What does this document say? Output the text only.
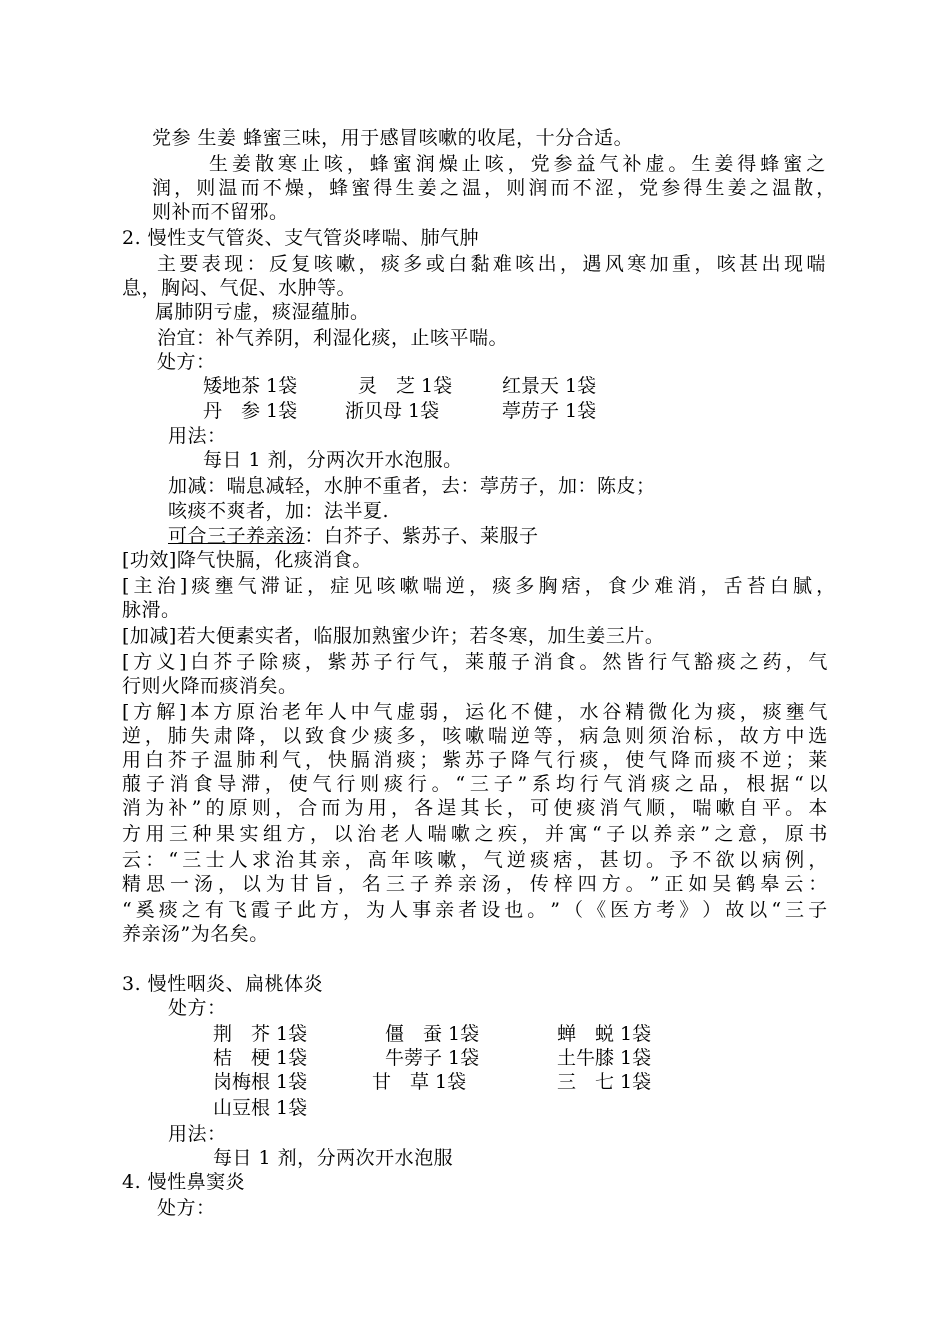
党参 生姜 蜂蜜三味，用于感冒咳嗽的收尾，十分合适。
生 姜 散 寒 止 咳 ， 蜂 蜜 润 燥 止 咳 ， 党 参 益 气 补 虚 。 生 姜 得 蜂 蜜 之
润 ， 则 温 而 不 燥 ， 蜂 蜜 得 生 姜 之 温 ， 则 润 而 不 涩 ， 党 参 得 生 姜 之 温 散 ，
则补而不留邪。
2. 慢性支气管炎、支气管炎哮喘、肺气肿
主 要 表 现 ： 反 复 咳 嗽 ， 痰 多 或 白 黏 难 咳 出 ， 遇 风 寒 加 重 ， 咳 甚 出 现 喘
息，胸闷、气促、水肿等。
属肺阴亏虚，痰湿蕴肺。
治宜：补气养阴，利湿化痰，止咳平喘。
处方：
矮地茶 1袋	灵　芝 1袋	红景天 1袋
丹　参 1袋	浙贝母 1袋	葶苈子 1袋
用法：
每日 1 剂，分两次开水泡服。
加减：喘息减轻，水肿不重者，去：葶苈子，加：陈皮；
咳痰不爽者，加：法半夏.
可合三子养亲汤：白芥子、紫苏子、莱服子
[功效]降气快膈，化痰消食。
[ 主 治 ] 痰 壅 气 滞 证 ， 症 见 咳 嗽 喘 逆 ， 痰 多 胸 痞 ， 食 少 难 消 ， 舌 苔 白 腻 ，
脉滑。
[加减]若大便素实者，临服加熟蜜少许；若冬寒，加生姜三片。
[ 方 义 ] 白 芥 子 除 痰 ， 紫 苏 子 行 气 ， 莱 菔 子 消 食 。 然 皆 行 气 豁 痰 之 药 ， 气
行则火降而痰消矣。
[ 方 解 ] 本 方 原 治 老 年 人 中 气 虚 弱 ， 运 化 不 健 ， 水 谷 精 微 化 为 痰 ， 痰 壅 气
逆 ， 肺 失 肃 降 ， 以 致 食 少 痰 多 ， 咳 嗽 喘 逆 等 ， 病 急 则 须 治 标 ， 故 方 中 选
用 白 芥 子 温 肺 利 气 ， 快 膈 消 痰 ； 紫 苏 子 降 气 行 痰 ， 使 气 降 而 痰 不 逆 ； 莱
菔 子 消 食 导 滞 ， 使 气 行 则 痰 行 。 “ 三 子 ” 系 均 行 气 消 痰 之 品 ， 根 据 “ 以
消 为 补 ” 的 原 则 ， 合 而 为 用 ， 各 逞 其 长 ， 可 使 痰 消 气 顺 ， 喘 嗽 自 平 。 本
方 用 三 种 果 实 组 方 ， 以 治 老 人 喘 嗽 之 疾 ， 并 寓 “ 子 以 养 亲 ” 之 意 ， 原 书
云 ： “ 三 士 人 求 治 其 亲 ， 高 年 咳 嗽 ， 气 逆 痰 痞 ， 甚 切 。 予 不 欲 以 病 例 ，
精 思 一 汤 ， 以 为 甘 旨 ， 名 三 子 养 亲 汤 ， 传 梓 四 方 。 ” 正 如 吴 鹤 皋 云 ：
“ 奚 痰 之 有 飞 霞 子 此 方 ， 为 人 事 亲 者 设 也 。 ” （ 《 医 方 考 》 ） 故 以 “ 三 子
养亲汤”为名矣。
3. 慢性咽炎、扁桃体炎
处方：
荆　芥 1袋	僵　蚕 1袋	蝉　蜕 1袋
桔　梗 1袋	牛蒡子 1袋	土牛膝 1袋
岗梅根 1袋	甘　草 1袋	三　七 1袋
山豆根 1袋
用法：
每日 1 剂，分两次开水泡服
4. 慢性鼻窦炎
处方：
